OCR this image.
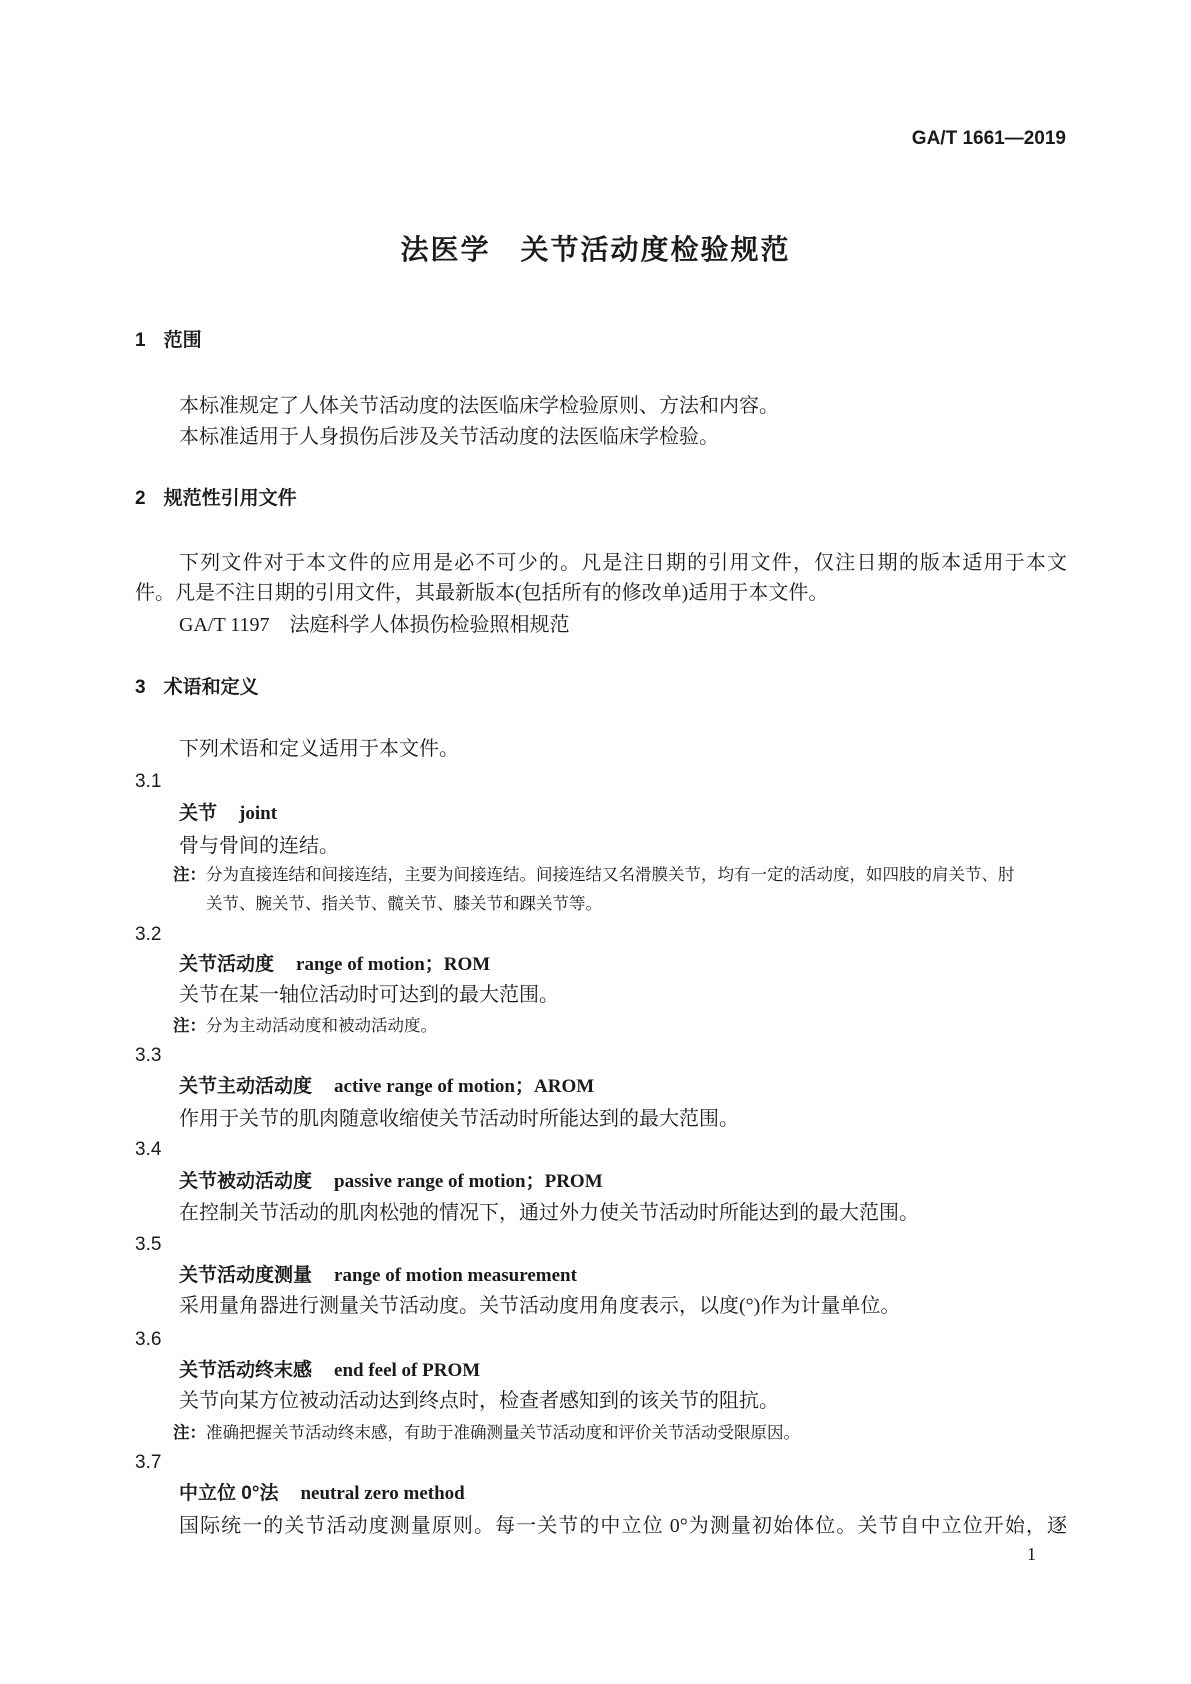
GA/T 1661—2019
法医学　关节活动度检验规范
1 范围
本标准规定了人体关节活动度的法医临床学检验原则、方法和内容。
本标准适用于人身损伤后涉及关节活动度的法医临床学检验。
2 规范性引用文件
下列文件对于本文件的应用是必不可少的。凡是注日期的引用文件，仅注日期的版本适用于本文
件。凡是不注日期的引用文件，其最新版本(包括所有的修改单)适用于本文件。
GA/T 1197　法庭科学人体损伤检验照相规范
3 术语和定义
下列术语和定义适用于本文件。
3.1
关节 joint
骨与骨间的连结。
注：分为直接连结和间接连结，主要为间接连结。间接连结又名滑膜关节，均有一定的活动度，如四肢的肩关节、肘
关节、腕关节、指关节、髋关节、膝关节和踝关节等。
3.2
关节活动度 range of motion；ROM
关节在某一轴位活动时可达到的最大范围。
注：分为主动活动度和被动活动度。
3.3
关节主动活动度 active range of motion；AROM
作用于关节的肌肉随意收缩使关节活动时所能达到的最大范围。
3.4
关节被动活动度 passive range of motion；PROM
在控制关节活动的肌肉松弛的情况下，通过外力使关节活动时所能达到的最大范围。
3.5
关节活动度测量 range of motion measurement
采用量角器进行测量关节活动度。关节活动度用角度表示，以度(°)作为计量单位。
3.6
关节活动终末感 end feel of PROM
关节向某方位被动活动达到终点时，检查者感知到的该关节的阻抗。
注：准确把握关节活动终末感，有助于准确测量关节活动度和评价关节活动受限原因。
3.7
中立位 0°法 neutral zero method
国际统一的关节活动度测量原则。每一关节的中立位 0°为测量初始体位。关节自中立位开始，逐
1
